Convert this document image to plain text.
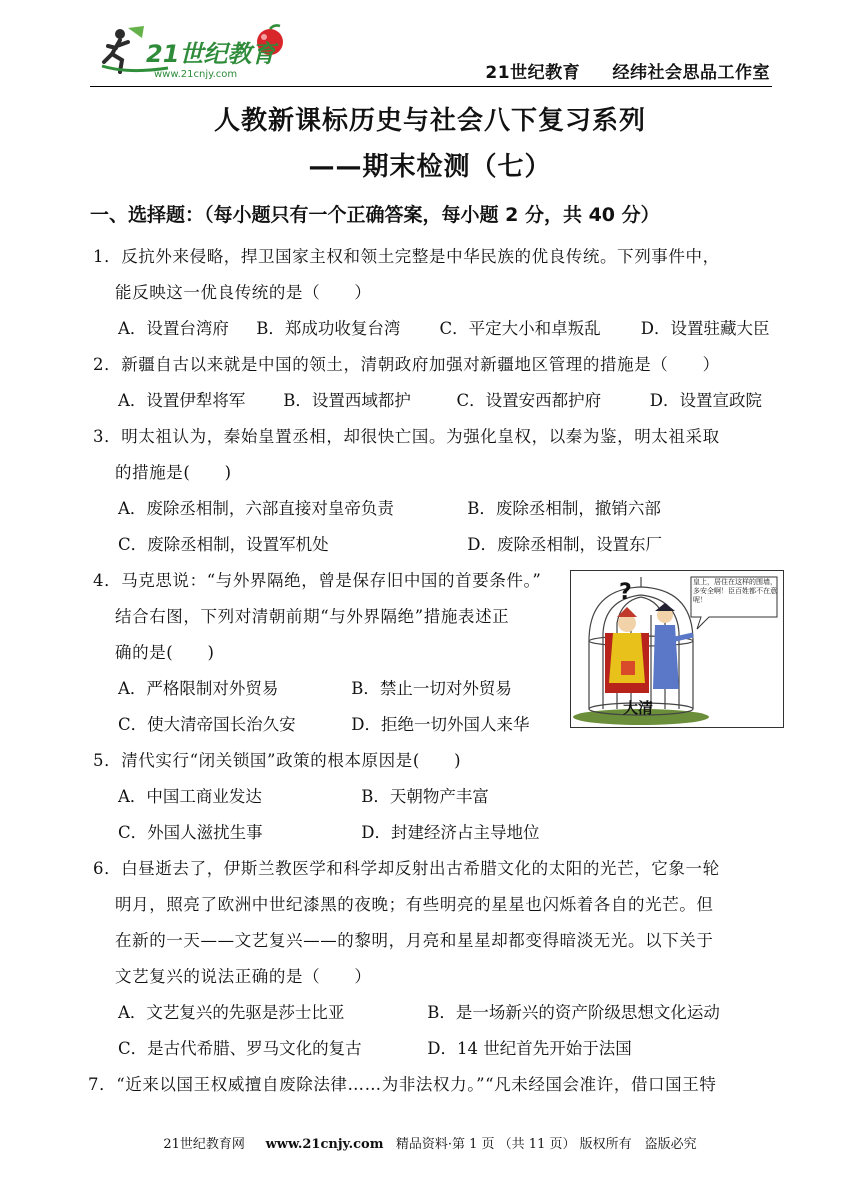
21世纪教育
www.21cnjy.com	21世纪教育 经纬社会思品工作室
人教新课标历史与社会八下复习系列
——期末检测（七）
一、选择题：（每小题只有一个正确答案，每小题 2 分，共 40 分）
1．反抗外来侵略，捍卫国家主权和领土完整是中华民族的优良传统。下列事件中，
能反映这一优良传统的是（　　）
A．设置台湾府 B．郑成功收复台湾 C．平定大小和卓叛乱 D．设置驻藏大臣
2．新疆自古以来就是中国的领土，清朝政府加强对新疆地区管理的措施是（　　）
A．设置伊犁将军 B．设置西域都护	C．设置安西都护府	D．设置宣政院
3．明太祖认为，秦始皇置丞相，却很快亡国。为强化皇权，以秦为鉴，明太祖采取
的措施是(　　)
A．废除丞相制，六部直接对皇帝负责	B．废除丞相制，撤销六部
C．废除丞相制，设置军机处	D．废除丞相制，设置东厂
4．马克思说：“与外界隔绝，曾是保存旧中国的首要条件。”
结合右图，下列对清朝前期“与外界隔绝”措施表述正
确的是(　　)
A．严格限制对外贸易	B．禁止一切对外贸易
C．使大清帝国长治久安	D．拒绝一切外国人来华
?
大清
皇上，居住在这样的围墙，多安全啊！臣百姓都不在意呢！
5．清代实行“闭关锁国”政策的根本原因是(　　)
A．中国工商业发达	B．天朝物产丰富
C．外国人滋扰生事	D．封建经济占主导地位
6．白昼逝去了，伊斯兰教医学和科学却反射出古希腊文化的太阳的光芒，它象一轮
明月，照亮了欧洲中世纪漆黑的夜晚；有些明亮的星星也闪烁着各自的光芒。但
在新的一天——文艺复兴——的黎明，月亮和星星却都变得暗淡无光。以下关于
文艺复兴的说法正确的是（　　）
A．文艺复兴的先驱是莎士比亚	B．是一场新兴的资产阶级思想文化运动
C．是古代希腊、罗马文化的复古	D．14 世纪首先开始于法国
7．“近来以国王权威擅自废除法律……为非法权力。”“凡未经国会准许，借口国王特
21世纪教育网 www.21cnjy.com 精品资料·第 1 页 （共 11 页） 版权所有　盗版必究
